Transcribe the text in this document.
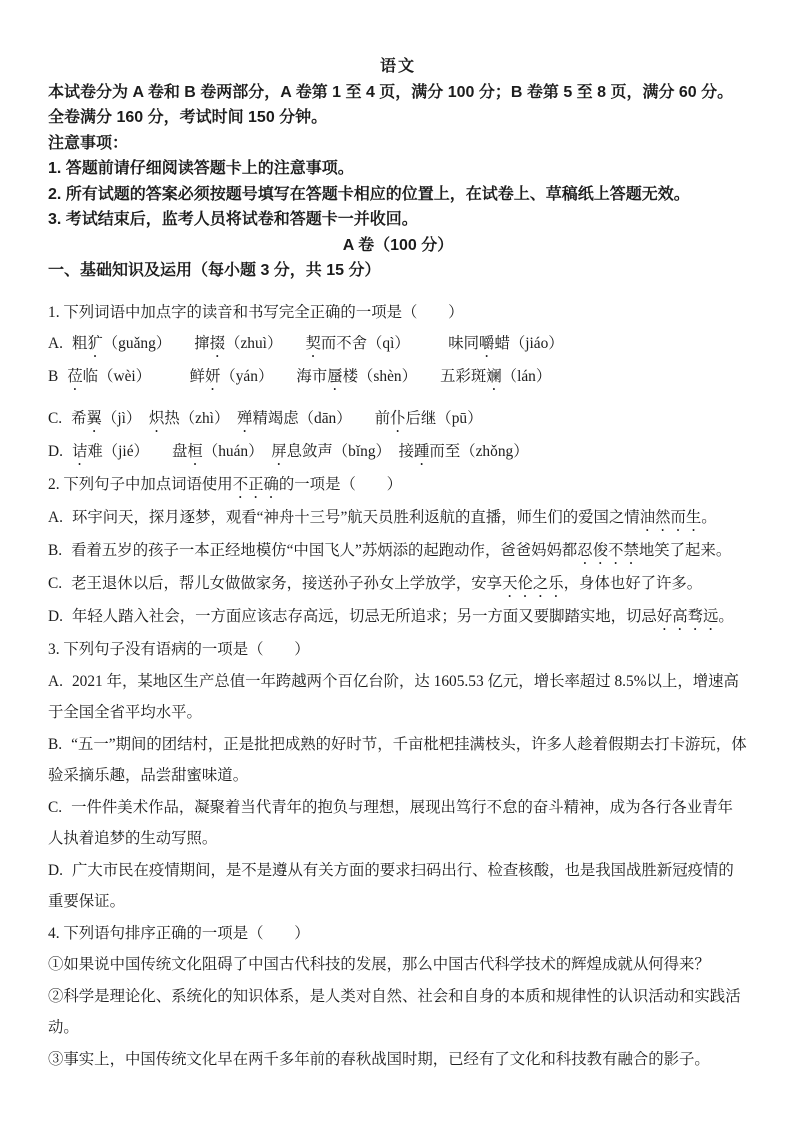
语文

本试卷分为 A 卷和 B 卷两部分，A 卷第 1 至 4 页，满分 100 分；B 卷第 5 至 8 页，满分 60 分。

全卷满分 160 分，考试时间 150 分钟。

注意事项：

1. 答题前请仔细阅读答题卡上的注意事项。

2. 所有试题的答案必须按题号填写在答题卡相应的位置上，在试卷上、草稿纸上答题无效。

3. 考试结束后，监考人员将试卷和答题卡一并收回。

A 卷（100 分）

一、基础知识及运用（每小题 3 分，共 15 分）

1. 下列词语中加点字的读音和书写完全正确的一项是（　　）

A. 粗犷（guǎng）　　撺掇（zhuì）　　契而不舍（qì）　　　味同嚼蜡（jiáo）

B 莅临（wèi）　　　鲜妍（yán）　　海市蜃楼（shèn）　　五彩斑斓（lán）

C. 希翼（jì）　炽热（zhì）　殚精竭虑（dān）　　前仆后继（pū）

D. 诘难（jié）　　盘桓（huán）　屏息敛声（bǐng）　接踵而至（zhǒng）

2. 下列句子中加点词语使用不正确的一项是（　　）

A. 环宇问天，探月逐梦，观看“神舟十三号”航天员胜利返航的直播，师生们的爱国之情油然而生。

B. 看着五岁的孩子一本正经地模仿“中国飞人”苏炳添的起跑动作，爸爸妈妈都忍俊不禁地笑了起来。

C. 老王退休以后，帮儿女做做家务，接送孙子孙女上学放学，安享天伦之乐，身体也好了许多。

D. 年轻人踏入社会，一方面应该志存高远，切忌无所追求；另一方面又要脚踏实地，切忌好高骛远。

3. 下列句子没有语病的一项是（　　）

A. 2021 年，某地区生产总值一年跨越两个百亿台阶，达 1605.53 亿元，增长率超过 8.5%以上，增速高于全国全省平均水平。

B. “五一”期间的团结村，正是批把成熟的好时节，千亩枇杷挂满枝头，许多人趁着假期去打卡游玩，体验采摘乐趣，品尝甜蜜味道。

C. 一件件美术作品，凝聚着当代青年的抱负与理想，展现出笃行不怠的奋斗精神，成为各行各业青年人执着追梦的生动写照。

D. 广大市民在疫情期间，是不是遵从有关方面的要求扫码出行、检查核酸，也是我国战胜新冠疫情的重要保证。

4. 下列语句排序正确的一项是（　　）

①如果说中国传统文化阻碍了中国古代科技的发展，那么中国古代科学技术的辉煌成就从何得来？

②科学是理论化、系统化的知识体系，是人类对自然、社会和自身的本质和规律性的认识活动和实践活动。

③事实上，中国传统文化早在两千多年前的春秋战国时期，已经有了文化和科技教有融合的影子。
